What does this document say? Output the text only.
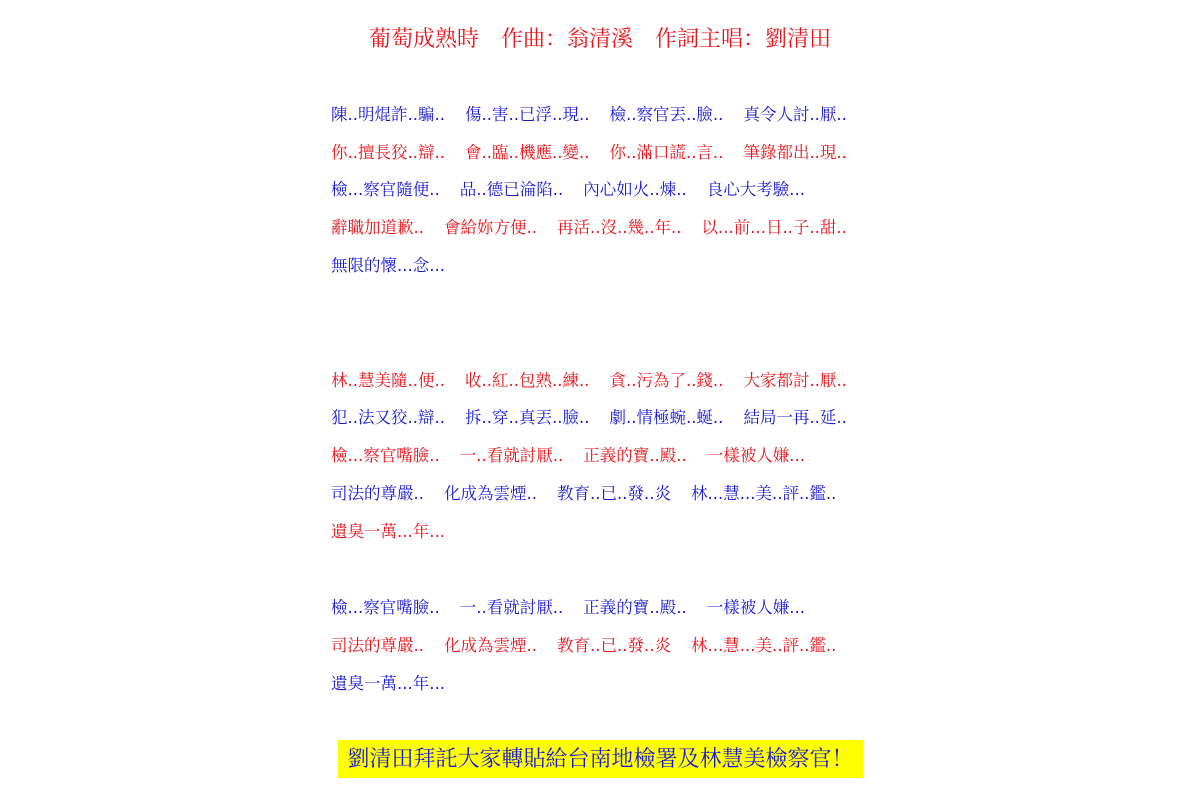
葡萄成熟時　作曲：翁清溪　作詞主唱：劉清田
陳..明焜詐..騙.. 傷..害..已浮..現.. 檢..察官丟..臉.. 真令人討..厭..
你..擅長狡..辯.. 會..臨..機應..變.. 你..滿口謊..言.. 筆錄都出..現..
檢...察官隨便.. 品..德已淪陷.. 內心如火..煉.. 良心大考驗...
辭職加道歉.. 會給妳方便.. 再活..沒..幾..年.. 以...前...日..子..甜..
無限的懷...念...
林..慧美隨..便.. 收..紅..包熟..練.. 貪..污為了..錢.. 大家都討..厭..
犯..法又狡..辯.. 拆..穿..真丟..臉.. 劇..情極蜿..蜒.. 結局一再..延..
檢...察官嘴臉.. 一..看就討厭.. 正義的寶..殿.. 一樣被人嫌...
司法的尊嚴.. 化成為雲煙.. 教育..已..發..炎 林...慧...美..評..鑑..
遺臭一萬...年...
檢...察官嘴臉.. 一..看就討厭.. 正義的寶..殿.. 一樣被人嫌...
司法的尊嚴.. 化成為雲煙.. 教育..已..發..炎 林...慧...美..評..鑑..
遺臭一萬...年...
劉清田拜託大家轉貼給台南地檢署及林慧美檢察官！
